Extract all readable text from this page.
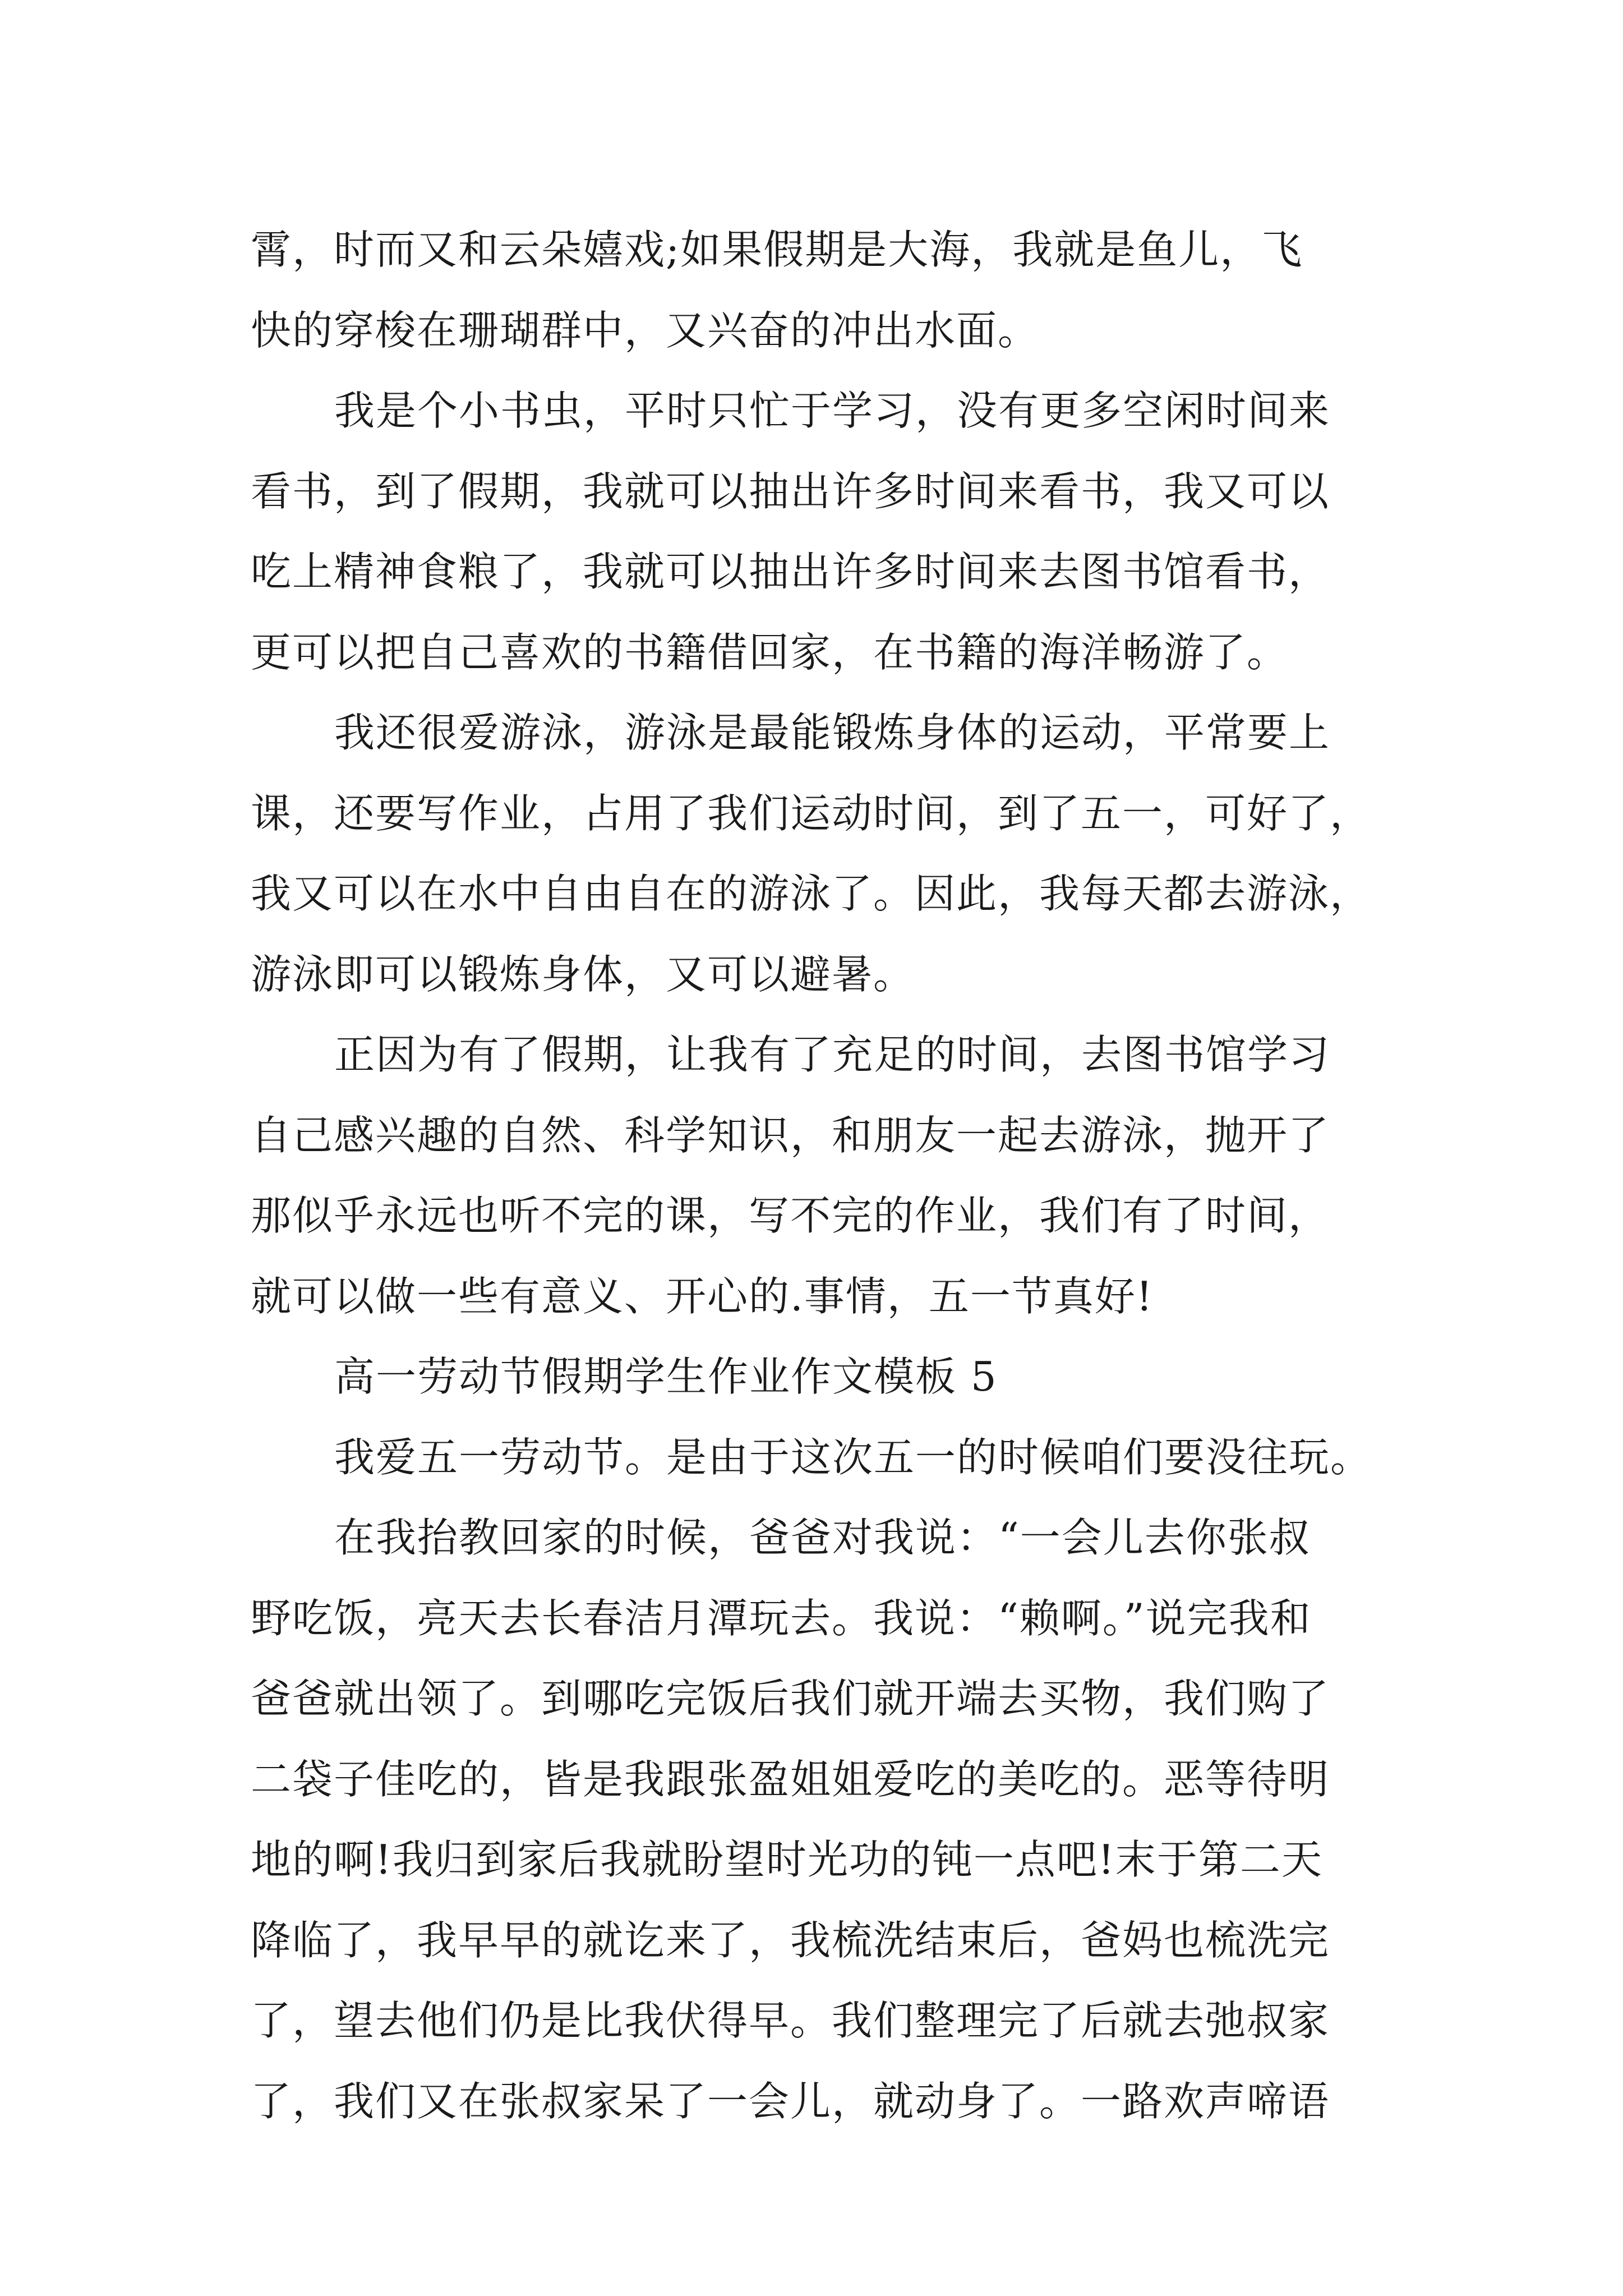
霄，时而又和云朵嬉戏;如果假期是大海，我就是鱼儿，飞
快的穿梭在珊瑚群中，又兴奋的冲出水面。
我是个小书虫，平时只忙于学习，没有更多空闲时间来
看书，到了假期，我就可以抽出许多时间来看书，我又可以
吃上精神食粮了，我就可以抽出许多时间来去图书馆看书，
更可以把自己喜欢的书籍借回家，在书籍的海洋畅游了。
我还很爱游泳，游泳是最能锻炼身体的运动，平常要上
课，还要写作业，占用了我们运动时间，到了五一，可好了，
我又可以在水中自由自在的游泳了。因此，我每天都去游泳，
游泳即可以锻炼身体，又可以避暑。
正因为有了假期，让我有了充足的时间，去图书馆学习
自己感兴趣的自然、科学知识，和朋友一起去游泳，抛开了
那似乎永远也听不完的课，写不完的作业，我们有了时间，
就可以做一些有意义、开心的.事情，五一节真好!
高一劳动节假期学生作业作文模板 5
我爱五一劳动节。是由于这次五一的时候咱们要没往玩。
在我抬教回家的时候，爸爸对我说：“一会儿去你张叔
野吃饭，亮天去长春洁月潭玩去。我说：“赖啊。”说完我和
爸爸就出领了。到哪吃完饭后我们就开端去买物，我们购了
二袋子佳吃的，皆是我跟张盈姐姐爱吃的美吃的。恶等待明
地的啊!我归到家后我就盼望时光功的钝一点吧!末于第二天
降临了，我早早的就讫来了，我梳洗结束后，爸妈也梳洗完
了，望去他们仍是比我伏得早。我们整理完了后就去弛叔家
了，我们又在张叔家呆了一会儿，就动身了。一路欢声啼语
